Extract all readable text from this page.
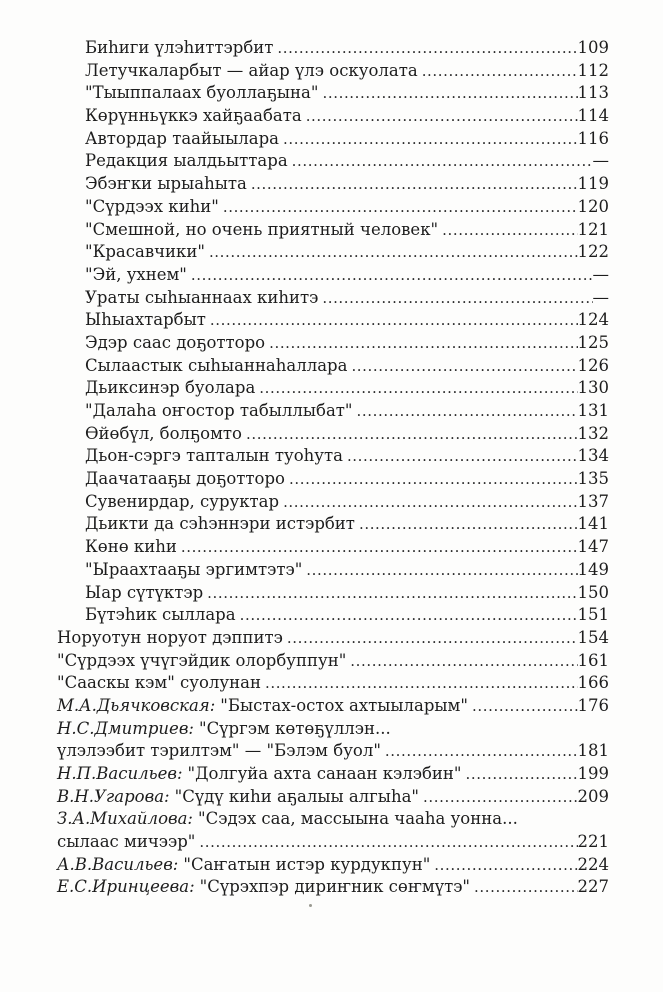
Биһиги үлэһиттэрбит .....	109
Летучкаларбыт — айар үлэ оскуолата .....	112
"Тыыппалаах буоллаҕына" .....	113
Көрүнньүккэ хайҕаабата .....	114
Автордар таайыылара .....	116
Редакция ыалдьыттара .....	—
Эбэҥки ырыаһыта .....	119
"Сүрдээх киһи" .....	120
"Смешной, но очень приятный человек" .....	121
"Красавчики" .....	122
"Эй, ухнем" .....	—
Ураты сыһыаннаах киһитэ .....	—
Ыһыахтарбыт .....	124
Эдэр саас доҕотторо .....	125
Сылаастык сыһыаннаһаллара .....	126
Дьиксинэр буолара .....	130
"Далаһа оҥостор табыллыбат" .....	131
Өйөбүл, болҕомто .....	132
Дьон-сэргэ тапталын туоһута .....	134
Даачатааҕы доҕотторо .....	135
Сувенирдар, суруктар .....	137
Дьикти да сэһэннэри истэрбит .....	141
Көнө киһи .....	147
"Ыраахтааҕы эргимтэтэ" .....	149
Ыар сүтүктэр .....	150
Бүтэһик сыллара .....	151
Норуотун норуот дэппитэ .....	154
"Сүрдээх үчүгэйдик олорбуппун" .....	161
"Сааскы кэм" суолунан .....	166
М.А.Дьячковская: "Быстах-остох ахтыыларым" .....	176
Н.С.Дмитриев: "Сүргэм көтөҕүллэн...
үлэлээбит тэрилтэм" — "Бэлэм буол" .....	181
Н.П.Васильев: "Долгуйа ахта санаан кэлэбин" .....	199
В.Н.Угарова: "Сүдү киһи аҕалыы алгыһа" .....	209
З.А.Михайлова: "Сэдэх саа, массыына чааһа уонна...
сылаас мичээр" .....	221
А.В.Васильев: "Саҥатын истэр курдукпун" .....	224
Е.С.Иринцеева: "Сүрэхпэр дириҥник сөҥмүтэ" .....	227
